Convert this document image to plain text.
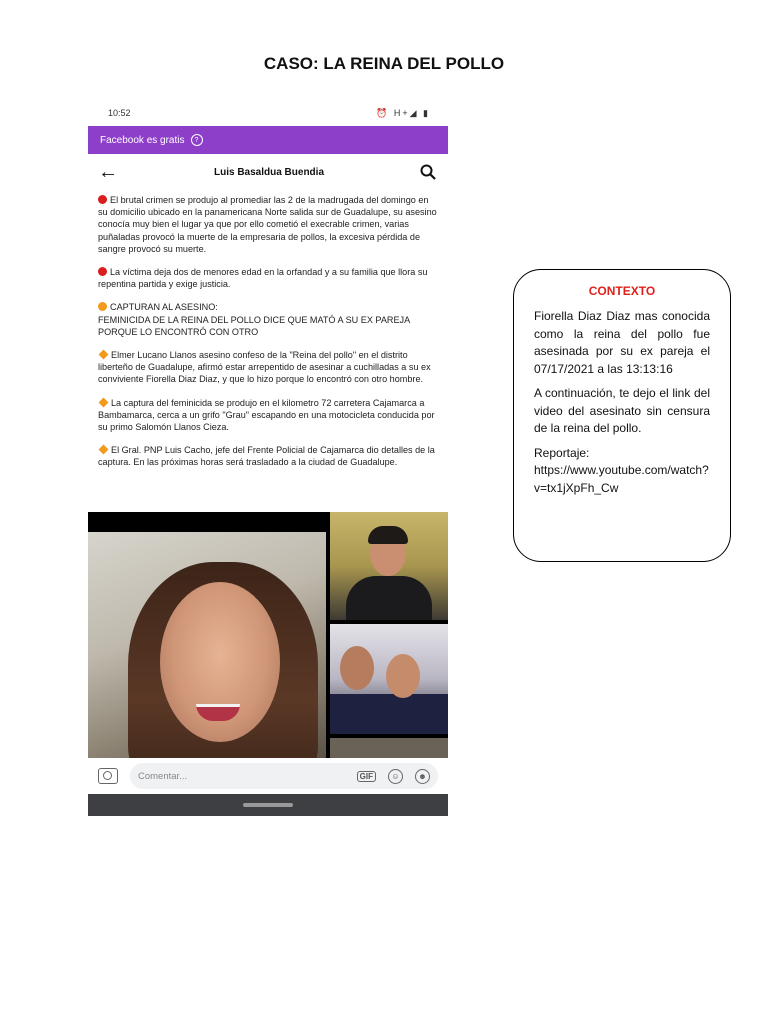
CASO: LA REINA DEL POLLO
10:52	⏰ H+◢ ▮
Facebook es gratis	?
←	Luis Basaldua Buendia

El brutal crimen se produjo al promediar las 2 de la madrugada del domingo en su domicilio ubicado en la panamericana Norte salida sur de Guadalupe, su asesino conocía muy bien el lugar ya que por ello cometió el execrable crimen, varias puñaladas provocó la muerte de la empresaria de pollos, la excesiva pérdida de sangre provocó su muerte.

La víctima deja dos de menores edad en la orfandad y a su familia que llora su repentina partida y exige justicia.

CAPTURAN AL ASESINO:
FEMINICIDA DE LA REINA DEL POLLO DICE QUE MATÓ A SU EX PAREJA PORQUE LO ENCONTRÓ CON OTRO

Elmer Lucano Llanos asesino confeso de la "Reina del pollo" en el distrito liberteño de Guadalupe, afirmó estar arrepentido de asesinar a cuchilladas a su ex conviviente Fiorella Diaz Diaz, y que lo hizo porque lo encontró con otro hombre.

La captura del feminicida se produjo en el kilometro 72 carretera Cajamarca a Bambamarca, cerca a un grifo "Grau" escapando en una motocicleta conducida por su primo Salomón Llanos Cieza.

El Gral. PNP Luis Cacho, jefe del Frente Policial de Cajamarca dio detalles de la captura. En las próximas horas será trasladado a la ciudad de Guadalupe.

Comentar...	GIF	☺	☻
CONTEXTO

Fiorella Diaz Diaz mas conocida como la reina del pollo fue asesinada por su ex pareja el 07/17/2021 a las 13:13:16

A continuación, te dejo el link del video del asesinato sin censura de la reina del pollo.

Reportaje:
https://www.youtube.com/watch?v=tx1jXpFh_Cw
